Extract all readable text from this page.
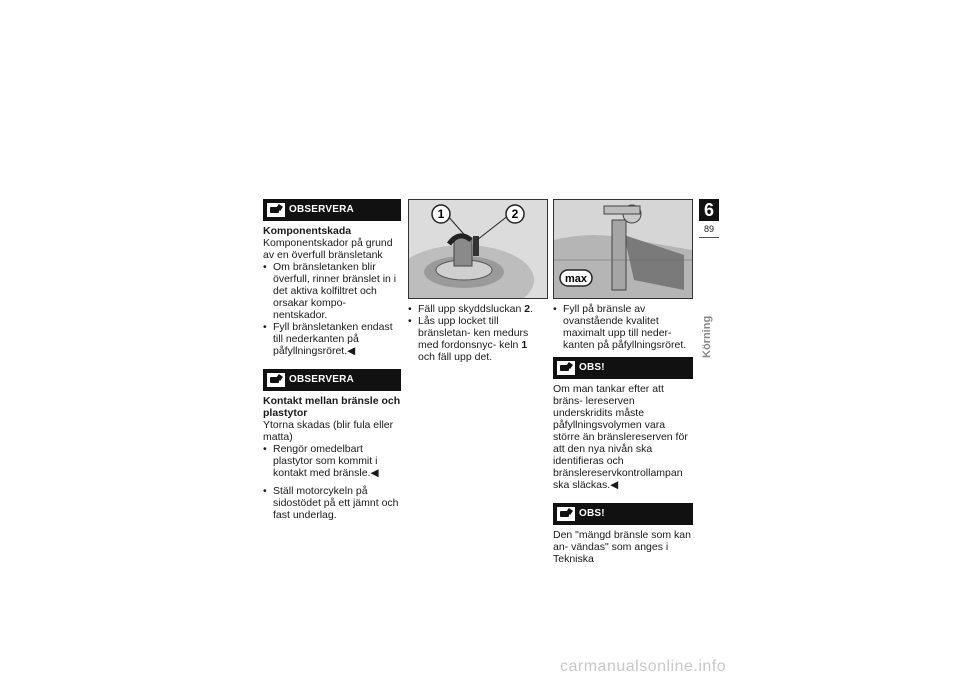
OBSERVERA
Komponentskada

Komponentskador på grund av en överfull bränsletank

• Om bränsletanken blir överfull, rinner bränslet in i det aktiva kolfiltret och orsakar kompo- nentskador.
• Fyll bränsletanken endast till nederkanten på påfyllningsröret.◀
OBSERVERA
Kontakt mellan bränsle och plastytor

Ytorna skadas (blir fula eller matta)

• Rengör omedelbart plastytor som kommit i kontakt med bränsle.◀
• Ställ motorcykeln på sidostödet på ett jämnt och fast underlag.
1	2
• Fäll upp skyddsluckan 2.
• Lås upp locket till bränsletan- ken medurs med fordonsnyc- keln 1 och fäll upp det.
max
• Fyll på bränsle av ovanstående kvalitet maximalt upp till neder- kanten på påfyllningsröret.
OBS!

Om man tankar efter att bräns- lereserven underskridits måste påfyllningsvolymen vara större än bränslereserven för att den nya nivån ska identifieras och bränslereservkontrollampan ska släckas.◀

OBS!

Den "mängd bränsle som kan an- vändas" som anges i Tekniska

6
89
Körning
carmanualsonline.info
